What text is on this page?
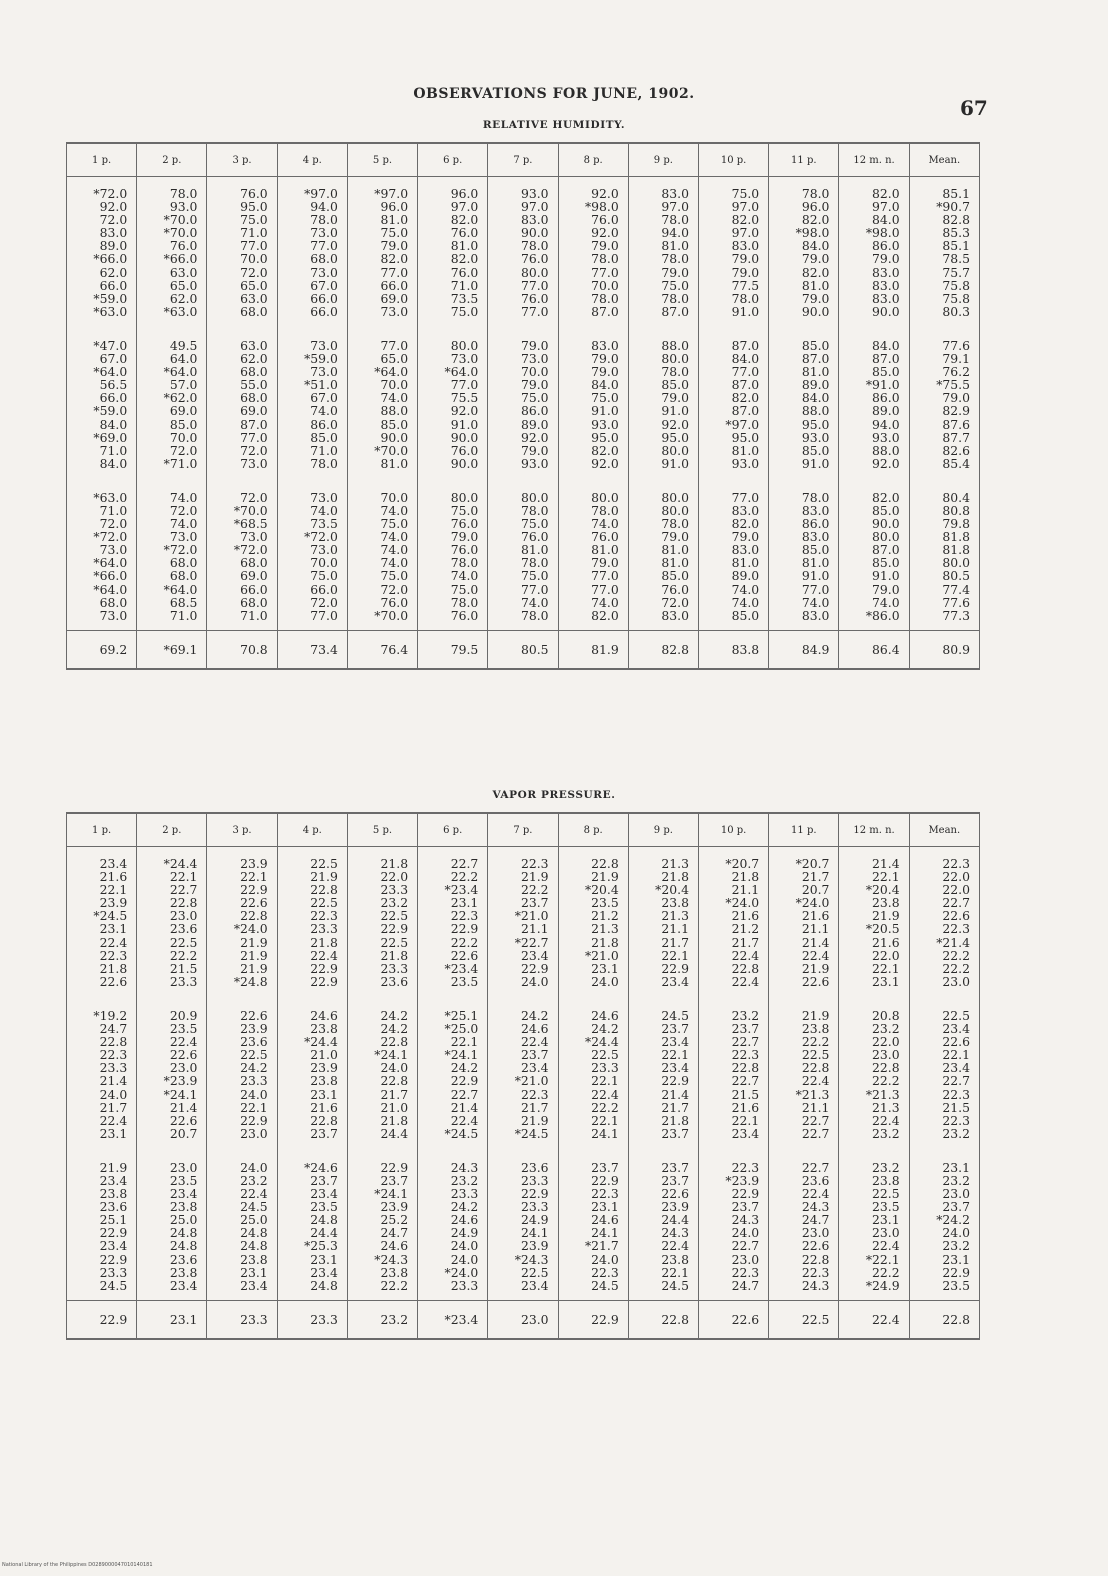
OBSERVATIONS FOR JUNE, 1902.
67
RELATIVE HUMIDITY.
1 p.	2 p.	3 p.	4 p.	5 p.	6 p.	7 p.	8 p.	9 p.	10 p.	11 p.	12 m. n.	Mean.
*72.0	78.0	76.0	*97.0	*97.0	96.0	93.0	92.0	83.0	75.0	78.0	82.0	85.1
92.0	93.0	95.0	94.0	96.0	97.0	97.0	*98.0	97.0	97.0	96.0	97.0	*90.7
72.0	*70.0	75.0	78.0	81.0	82.0	83.0	76.0	78.0	82.0	82.0	84.0	82.8
83.0	*70.0	71.0	73.0	75.0	76.0	90.0	92.0	94.0	97.0	*98.0	*98.0	85.3
89.0	76.0	77.0	77.0	79.0	81.0	78.0	79.0	81.0	83.0	84.0	86.0	85.1
*66.0	*66.0	70.0	68.0	82.0	82.0	76.0	78.0	78.0	79.0	79.0	79.0	78.5
62.0	63.0	72.0	73.0	77.0	76.0	80.0	77.0	79.0	79.0	82.0	83.0	75.7
66.0	65.0	65.0	67.0	66.0	71.0	77.0	70.0	75.0	77.5	81.0	83.0	75.8
*59.0	62.0	63.0	66.0	69.0	73.5	76.0	78.0	78.0	78.0	79.0	83.0	75.8
*63.0	*63.0	68.0	66.0	73.0	75.0	77.0	87.0	87.0	91.0	90.0	90.0	80.3

*47.0	49.5	63.0	73.0	77.0	80.0	79.0	83.0	88.0	87.0	85.0	84.0	77.6
67.0	64.0	62.0	*59.0	65.0	73.0	73.0	79.0	80.0	84.0	87.0	87.0	79.1
*64.0	*64.0	68.0	73.0	*64.0	*64.0	70.0	79.0	78.0	77.0	81.0	85.0	76.2
56.5	57.0	55.0	*51.0	70.0	77.0	79.0	84.0	85.0	87.0	89.0	*91.0	*75.5
66.0	*62.0	68.0	67.0	74.0	75.5	75.0	75.0	79.0	82.0	84.0	86.0	79.0
*59.0	69.0	69.0	74.0	88.0	92.0	86.0	91.0	91.0	87.0	88.0	89.0	82.9
84.0	85.0	87.0	86.0	85.0	91.0	89.0	93.0	92.0	*97.0	95.0	94.0	87.6
*69.0	70.0	77.0	85.0	90.0	90.0	92.0	95.0	95.0	95.0	93.0	93.0	87.7
71.0	72.0	72.0	71.0	*70.0	76.0	79.0	82.0	80.0	81.0	85.0	88.0	82.6
84.0	*71.0	73.0	78.0	81.0	90.0	93.0	92.0	91.0	93.0	91.0	92.0	85.4

*63.0	74.0	72.0	73.0	70.0	80.0	80.0	80.0	80.0	77.0	78.0	82.0	80.4
71.0	72.0	*70.0	74.0	74.0	75.0	78.0	78.0	80.0	83.0	83.0	85.0	80.8
72.0	74.0	*68.5	73.5	75.0	76.0	75.0	74.0	78.0	82.0	86.0	90.0	79.8
*72.0	73.0	73.0	*72.0	74.0	79.0	76.0	76.0	79.0	79.0	83.0	80.0	81.8
73.0	*72.0	*72.0	73.0	74.0	76.0	81.0	81.0	81.0	83.0	85.0	87.0	81.8
*64.0	68.0	68.0	70.0	74.0	78.0	78.0	79.0	81.0	81.0	81.0	85.0	80.0
*66.0	68.0	69.0	75.0	75.0	74.0	75.0	77.0	85.0	89.0	91.0	91.0	80.5
*64.0	*64.0	66.0	66.0	72.0	75.0	77.0	77.0	76.0	74.0	77.0	79.0	77.4
68.0	68.5	68.0	72.0	76.0	78.0	74.0	74.0	72.0	74.0	74.0	74.0	77.6
73.0	71.0	71.0	77.0	*70.0	76.0	78.0	82.0	83.0	85.0	83.0	*86.0	77.3

69.2	*69.1	70.8	73.4	76.4	79.5	80.5	81.9	82.8	83.8	84.9	86.4	80.9
VAPOR PRESSURE.
1 p.	2 p.	3 p.	4 p.	5 p.	6 p.	7 p.	8 p.	9 p.	10 p.	11 p.	12 m. n.	Mean.
23.4	*24.4	23.9	22.5	21.8	22.7	22.3	22.8	21.3	*20.7	*20.7	21.4	22.3
21.6	22.1	22.1	21.9	22.0	22.2	21.9	21.9	21.8	21.8	21.7	22.1	22.0
22.1	22.7	22.9	22.8	23.3	*23.4	22.2	*20.4	*20.4	21.1	20.7	*20.4	22.0
23.9	22.8	22.6	22.5	23.2	23.1	23.7	23.5	23.8	*24.0	*24.0	23.8	22.7
*24.5	23.0	22.8	22.3	22.5	22.3	*21.0	21.2	21.3	21.6	21.6	21.9	22.6
23.1	23.6	*24.0	23.3	22.9	22.9	21.1	21.3	21.1	21.2	21.1	*20.5	22.3
22.4	22.5	21.9	21.8	22.5	22.2	*22.7	21.8	21.7	21.7	21.4	21.6	*21.4
22.3	22.2	21.9	22.4	21.8	22.6	23.4	*21.0	22.1	22.4	22.4	22.0	22.2
21.8	21.5	21.9	22.9	23.3	*23.4	22.9	23.1	22.9	22.8	21.9	22.1	22.2
22.6	23.3	*24.8	22.9	23.6	23.5	24.0	24.0	23.4	22.4	22.6	23.1	23.0

*19.2	20.9	22.6	24.6	24.2	*25.1	24.2	24.6	24.5	23.2	21.9	20.8	22.5
24.7	23.5	23.9	23.8	24.2	*25.0	24.6	24.2	23.7	23.7	23.8	23.2	23.4
22.8	22.4	23.6	*24.4	22.8	22.1	22.4	*24.4	23.4	22.7	22.2	22.0	22.6
22.3	22.6	22.5	21.0	*24.1	*24.1	23.7	22.5	22.1	22.3	22.5	23.0	22.1
23.3	23.0	24.2	23.9	24.0	24.2	23.4	23.3	23.4	22.8	22.8	22.8	23.4
21.4	*23.9	23.3	23.8	22.8	22.9	*21.0	22.1	22.9	22.7	22.4	22.2	22.7
24.0	*24.1	24.0	23.1	21.7	22.7	22.3	22.4	21.4	21.5	*21.3	*21.3	22.3
21.7	21.4	22.1	21.6	21.0	21.4	21.7	22.2	21.7	21.6	21.1	21.3	21.5
22.4	22.6	22.9	22.8	21.8	22.4	21.9	22.1	21.8	22.1	22.7	22.4	22.3
23.1	20.7	23.0	23.7	24.4	*24.5	*24.5	24.1	23.7	23.4	22.7	23.2	23.2

21.9	23.0	24.0	*24.6	22.9	24.3	23.6	23.7	23.7	22.3	22.7	23.2	23.1
23.4	23.5	23.2	23.7	23.7	23.2	23.3	22.9	23.7	*23.9	23.6	23.8	23.2
23.8	23.4	22.4	23.4	*24.1	23.3	22.9	22.3	22.6	22.9	22.4	22.5	23.0
23.6	23.8	24.5	23.5	23.9	24.2	23.3	23.1	23.9	23.7	24.3	23.5	23.7
25.1	25.0	25.0	24.8	25.2	24.6	24.9	24.6	24.4	24.3	24.7	23.1	*24.2
22.9	24.8	24.8	24.4	24.7	24.9	24.1	24.1	24.3	24.0	23.0	23.0	24.0
23.4	24.8	24.8	*25.3	24.6	24.0	23.9	*21.7	22.4	22.7	22.6	22.4	23.2
22.9	23.6	23.8	23.1	*24.3	24.0	*24.3	24.0	23.8	23.0	22.8	*22.1	23.1
23.3	23.8	23.1	23.4	23.8	*24.0	22.5	22.3	22.1	22.3	22.3	22.2	22.9
24.5	23.4	23.4	24.8	22.2	23.3	23.4	24.5	24.5	24.7	24.3	*24.9	23.5

22.9	23.1	23.3	23.3	23.2	*23.4	23.0	22.9	22.8	22.6	22.5	22.4	22.8
National Library of the Philippines D0289000047010140181
